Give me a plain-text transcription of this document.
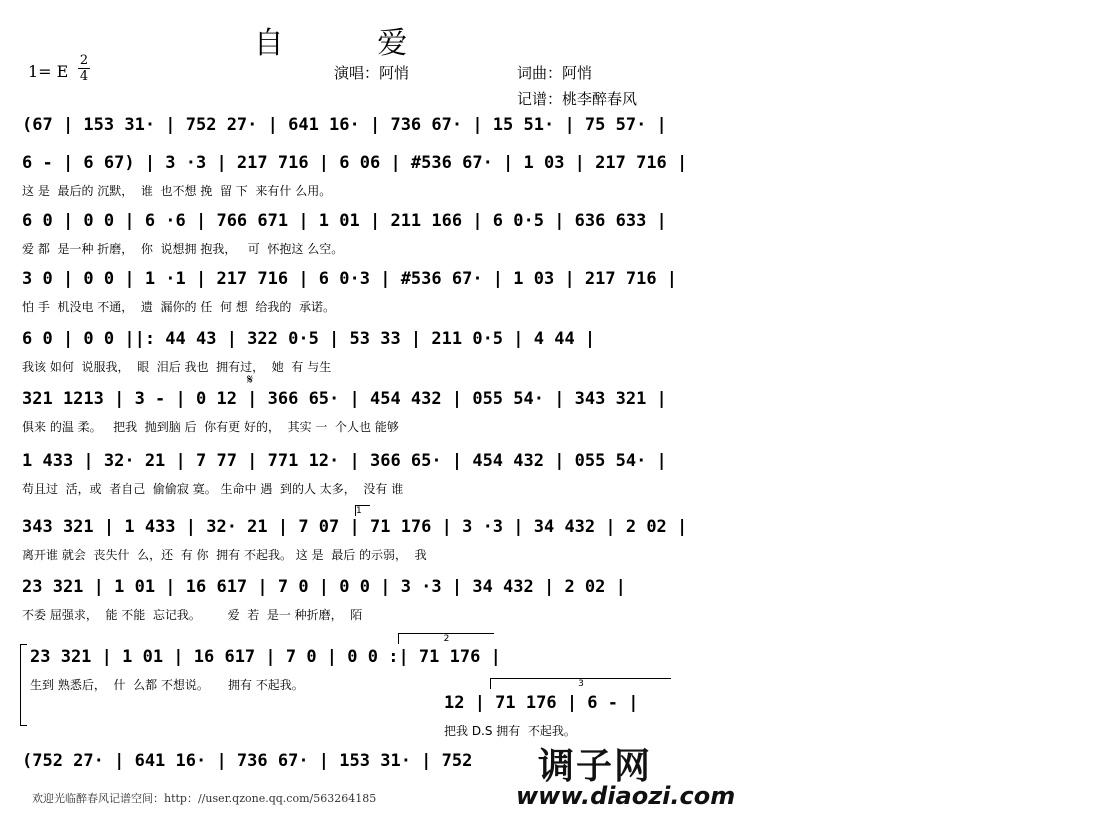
自 爱
1= E
2
4	演唱：阿悄	词曲：阿悄
记谱：桃李醉春风
(67 | 153 31· | 752 27· | 641 16· | 736 67· | 15 51· | 75 57· |
6 - | 6 67) | 3 ·3 | 217 716 | 6 06 | #536 67· | 1 03 | 217 716 |
这 是  最后的 沉默，  谁  也不想 挽  留 下  来有什 么用。
6 0 | 0 0 | 6 ·6 | 766 671 | 1 01 | 211 166 | 6 0·5 | 636 633 |
爱 都  是一种 折磨，  你  说想拥 抱我，   可  怀抱这 么空。
3 0 | 0 0 | 1 ·1 | 217 716 | 6 0·3 | #536 67· | 1 03 | 217 716 |
怕 手  机没电 不通，  遗  漏你的 任  何 想  给我的  承诺。
6 0 | 0 0 ||: 44 43 | 322 0·5 | 53 33 | 211 0·5 | 4 44 |
我该 如何  说服我，  眼  泪后 我也  拥有过，  她  有 与生
321 1213 | 3 - | 0 12 | 366 65· | 454 432 | 055 54· | 343 321 |
俱来 的温 柔。   把我  抛到脑 后  你有更 好的，  其实 一  个人也 能够
1 433 | 32· 21 | 7 77 | 771 12· | 366 65· | 454 432 | 055 54· |
苟且过  活，或  者自己  偷偷寂 寞。 生命中 遇  到的人 太多，  没有 谁
343 321 | 1 433 | 32· 21 | 7 07 | 71 176 | 3 ·3 | 34 432 | 2 02 |
离开谁 就会  丧失什  么，还  有 你  拥有 不起我。 这 是  最后 的示弱，  我
23 321 | 1 01 | 16 617 | 7 0 | 0 0 | 3 ·3 | 34 432 | 2 02 |
不委 屈强求，  能 不能  忘记我。       爱  若  是一 种折磨，  陌
23 321 | 1 01 | 16 617 | 7 0 | 0 0 :| 71 176 |
生到 熟悉后，  什  么都 不想说。     拥有 不起我。
12 | 71 176 | 6 - |
把我 D.S 拥有  不起我。
(752 27· | 641 16· | 736 67· | 153 31· | 752
1
2
3
𝄋
欢迎光临醉春风记谱空间：http：//user.qzone.qq.com/563264185
调子网
www.diaozi.com
